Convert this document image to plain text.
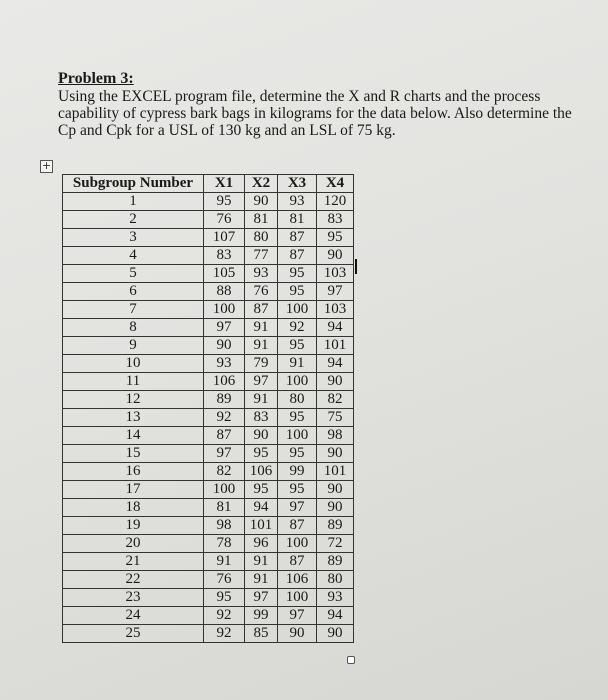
Problem 3:

Using the EXCEL program file, determine the X and R charts and the process

capability of cypress bark bags in kilograms for the data below. Also determine the

Cp and Cpk for a USL of 130 kg and an LSL of 75 kg.

+
Subgroup Number	X1	X2	X3	X4
1	95	90	93	120
2	76	81	81	83
3	107	80	87	95
4	83	77	87	90
5	105	93	95	103
6	88	76	95	97
7	100	87	100	103
8	97	91	92	94
9	90	91	95	101
10	93	79	91	94
11	106	97	100	90
12	89	91	80	82
13	92	83	95	75
14	87	90	100	98
15	97	95	95	90
16	82	106	99	101
17	100	95	95	90
18	81	94	97	90
19	98	101	87	89
20	78	96	100	72
21	91	91	87	89
22	76	91	106	80
23	95	97	100	93
24	92	99	97	94
25	92	85	90	90
